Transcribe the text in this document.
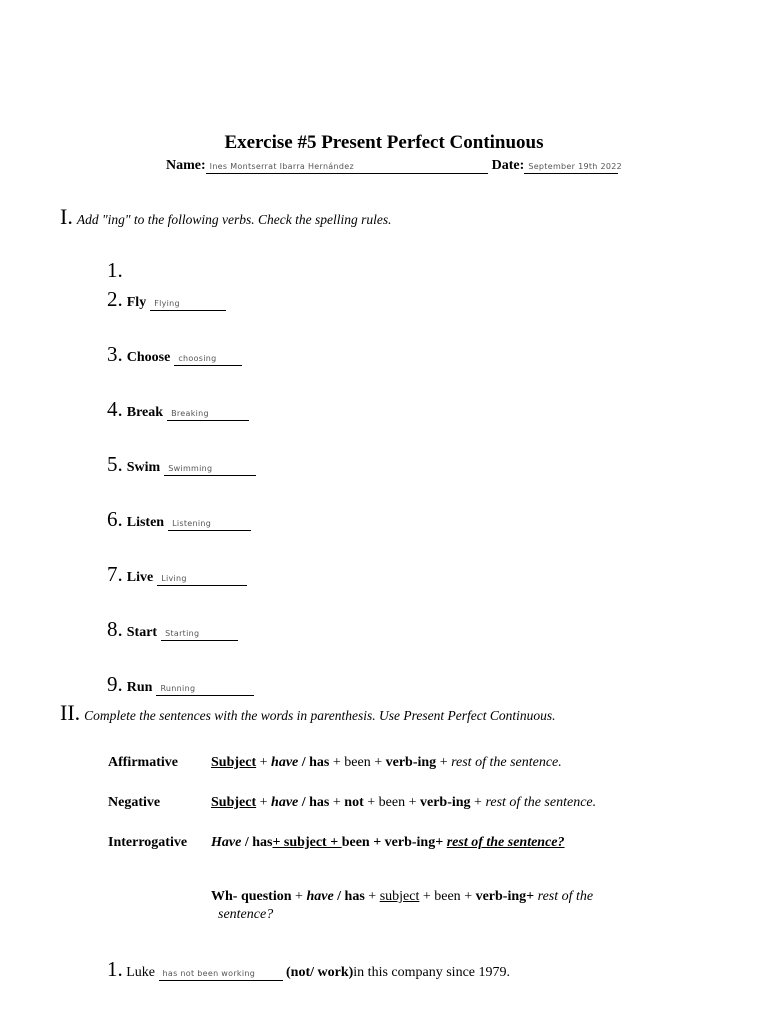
Exercise #5 Present Perfect Continuous
Name: Ines Montserrat Ibarra Hernández	Date: September 19th 2022
I. Add "ing" to the following verbs. Check the spelling rules.
1.
2. Fly Flying
3. Choose choosing
4. Break Breaking
5. Swim Swimming
6. Listen Listening
7. Live Living
8. Start Starting
9. Run Running
II. Complete the sentences with the words in parenthesis. Use Present Perfect Continuous.
Affirmative Subject + have / has + been + verb-ing + rest of the sentence.
Negative	Subject + have / has + not + been + verb-ing + rest of the sentence.
Interrogative Have / has+ subject + been + verb-ing+ rest of the sentence?
Wh- question + have / has + subject + been + verb-ing+ rest of the
sentence?
1. Luke has not been working (not/ work)in this company since 1979.
